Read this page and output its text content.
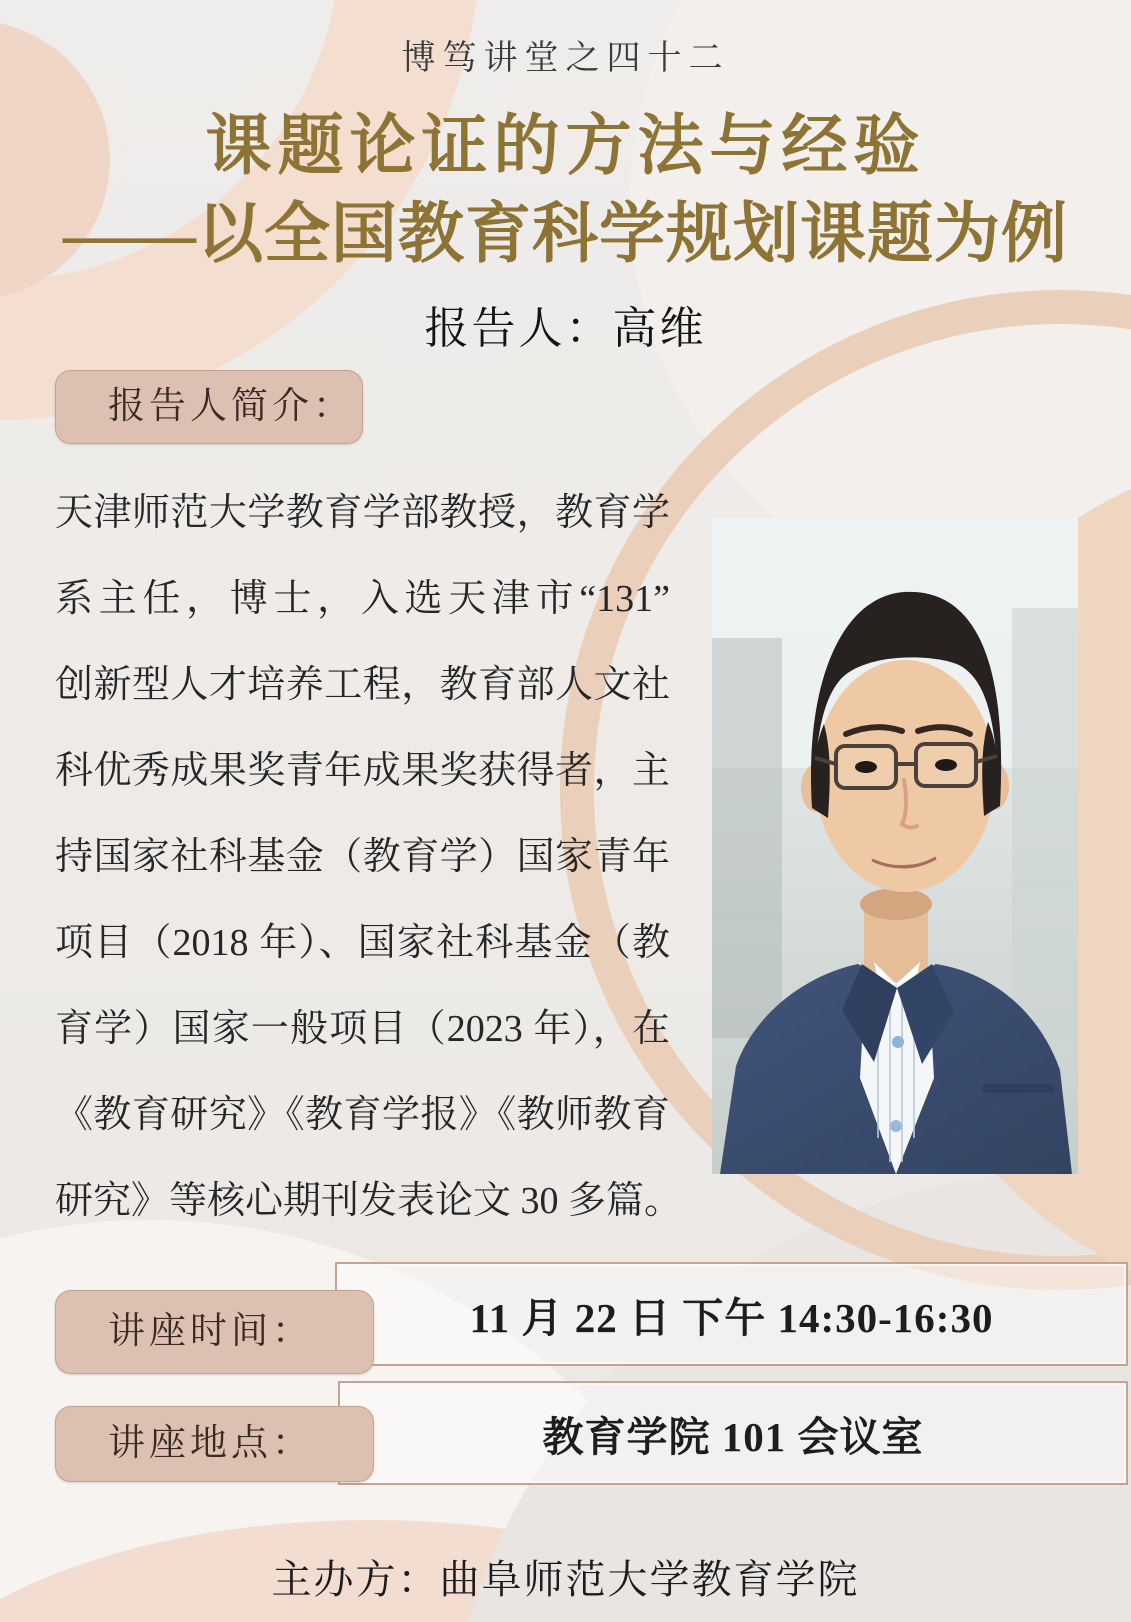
博笃讲堂之四十二
课题论证的方法与经验
——以全国教育科学规划课题为例
报告人：高维
报告人简介：
天津师范大学教育学部教授，教育学
系主任，博士，入选天津市“131”
创新型人才培养工程，教育部人文社
科优秀成果奖青年成果奖获得者，主
持国家社科基金（教育学）国家青年
项目（2018 年）、国家社科基金（教
育学）国家一般项目（2023 年），在
《教育研究》《教育学报》《教师教育
研究》等核心期刊发表论文 30 多篇。
11 月 22 日 下午 14:30-16:30
讲座时间：
教育学院 101 会议室
讲座地点：
主办方：曲阜师范大学教育学院
